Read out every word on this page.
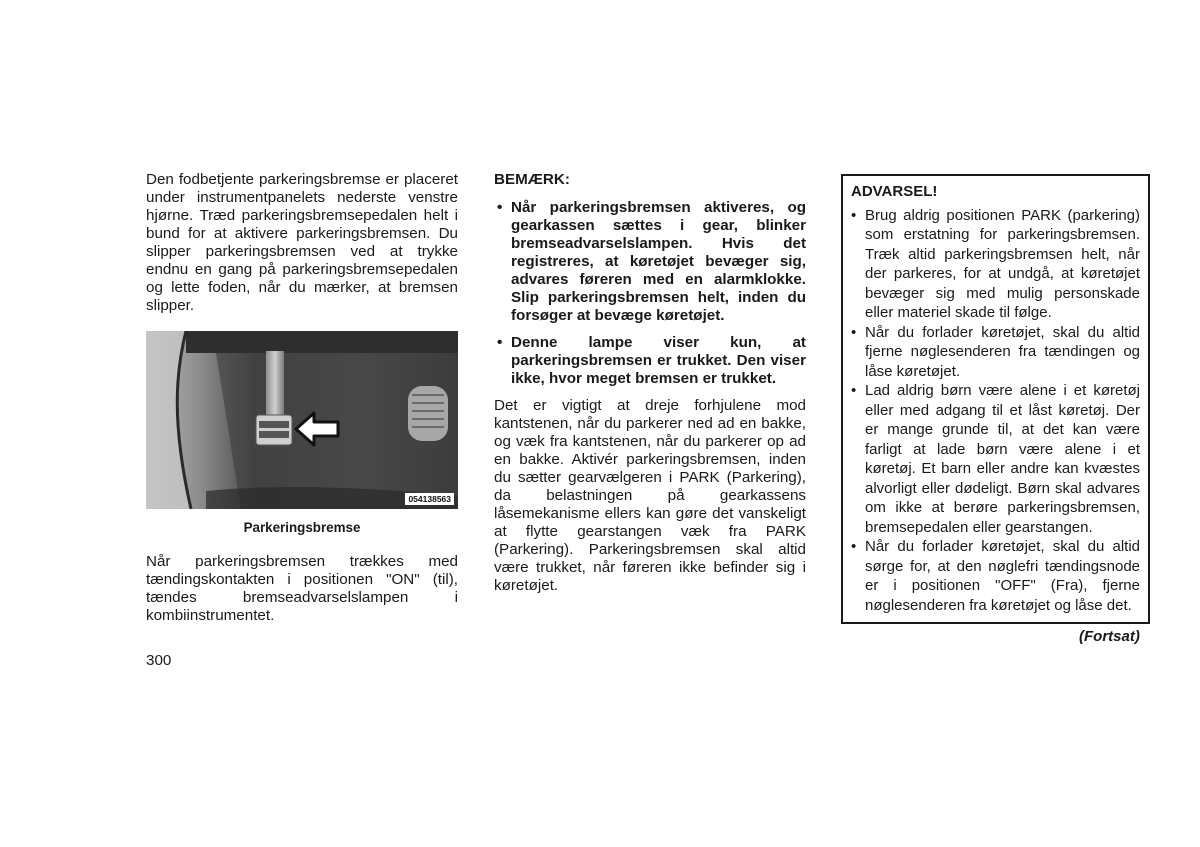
Den fodbetjente parkeringsbremse er placeret under instrumentpanelets nederste venstre hjørne. Træd parkeringsbremsepedalen helt i bund for at aktivere parkeringsbremsen. Du slipper parkeringsbremsen ved at trykke endnu en gang på parkeringsbremsepedalen og lette foden, når du mærker, at bremsen slipper.
054138563
Parkeringsbremse
Når parkeringsbremsen trækkes med tændingskontakten i positionen "ON" (til), tændes bremseadvarselslampen i kombiinstrumentet.
BEMÆRK:
• Når parkeringsbremsen aktiveres, og gearkassen sættes i gear, blinker bremseadvarselslampen. Hvis det registreres, at køretøjet bevæger sig, advares føreren med en alarmklokke. Slip parkeringsbremsen helt, inden du forsøger at bevæge køretøjet.
• Denne lampe viser kun, at parkeringsbremsen er trukket. Den viser ikke, hvor meget bremsen er trukket.
Det er vigtigt at dreje forhjulene mod kantstenen, når du parkerer ned ad en bakke, og væk fra kantstenen, når du parkerer op ad en bakke. Aktivér parkeringsbremsen, inden du sætter gearvælgeren i PARK (Parkering), da belastningen på gearkassens låsemekanisme ellers kan gøre det vanskeligt at flytte gearstangen væk fra PARK (Parkering). Parkeringsbremsen skal altid være trukket, når føreren ikke befinder sig i køretøjet.
ADVARSEL!
• Brug aldrig positionen PARK (parkering) som erstatning for parkeringsbremsen. Træk altid parkeringsbremsen helt, når der parkeres, for at undgå, at køretøjet bevæger sig med mulig personskade eller materiel skade til følge.
• Når du forlader køretøjet, skal du altid fjerne nøglesenderen fra tændingen og låse køretøjet.
• Lad aldrig børn være alene i et køretøj eller med adgang til et låst køretøj. Der er mange grunde til, at det kan være farligt at lade børn være alene i et køretøj. Et barn eller andre kan kvæstes alvorligt eller dødeligt. Børn skal advares om ikke at berøre parkeringsbremsen, bremsepedalen eller gearstangen.
• Når du forlader køretøjet, skal du altid sørge for, at den nøglefri tændingsnode er i positionen "OFF" (Fra), fjerne nøglesenderen fra køretøjet og låse det.
(Fortsat)
300
